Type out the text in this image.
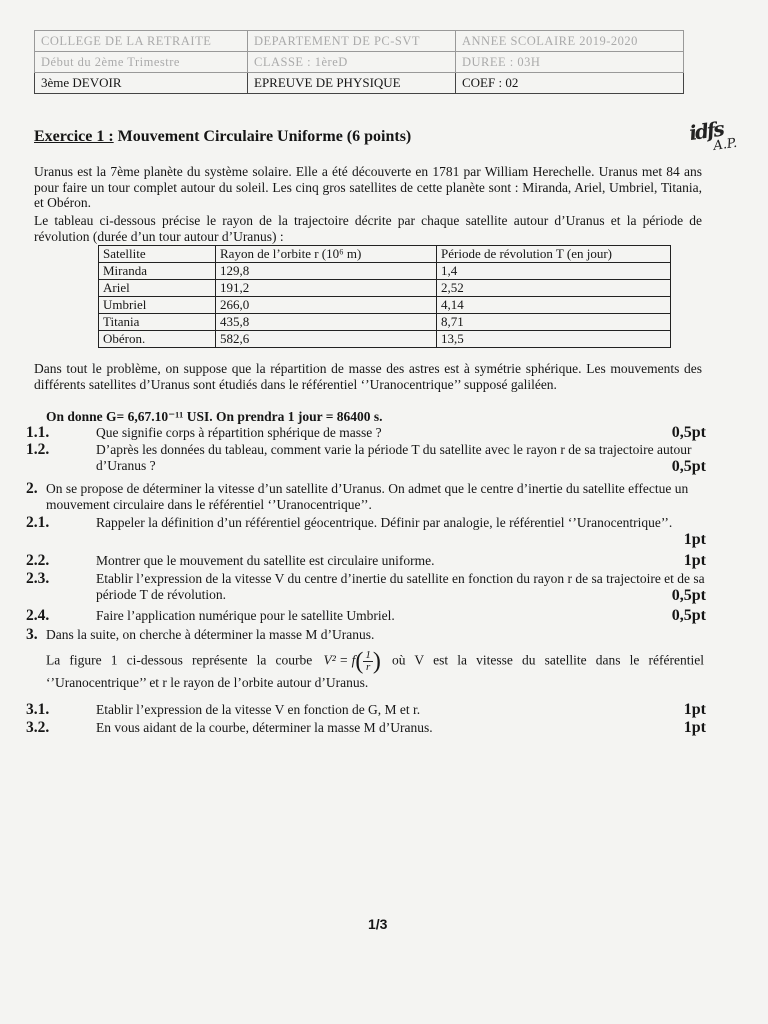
COLLEGE DE LA RETRAITE	DEPARTEMENT DE PC-SVT	ANNEE SCOLAIRE 2019-2020
Début du 2ème Trimestre	CLASSE : 1èreD	DUREE : 03H
3ème DEVOIR	EPREUVE DE PHYSIQUE	COEF : 02
idfs
A.P.
Exercice 1 : Mouvement Circulaire Uniforme (6 points)
Uranus est la 7ème planète du système solaire. Elle a été découverte en 1781 par William Herechelle. Uranus met 84 ans pour faire un tour complet autour du soleil. Les cinq gros satellites de cette planète sont : Miranda, Ariel, Umbriel, Titania, et Obéron.
Le tableau ci-dessous précise le rayon de la trajectoire décrite par chaque satellite autour d’Uranus et la période de révolution (durée d’un tour autour d’Uranus) :
Satellite	Rayon de l’orbite r (10⁶ m)	Période de révolution T (en jour)
Miranda	129,8	1,4
Ariel	191,2	2,52
Umbriel	266,0	4,14
Titania	435,8	8,71
Obéron.	582,6	13,5
Dans tout le problème, on suppose que la répartition de masse des astres est à symétrie sphérique. Les mouvements des différents satellites d’Uranus sont étudiés dans le référentiel ‘’Uranocentrique’’ supposé galiléen.
On donne G= 6,67.10⁻¹¹ USI. On prendra 1 jour = 86400 s.
1.1.	Que signifie corps à répartition sphérique de masse ?	0,5pt
1.2.	D’après les données du tableau, comment varie la période T du satellite avec le rayon r de sa trajectoire autour d’Uranus ?	0,5pt
2. On se propose de déterminer la vitesse d’un satellite d’Uranus. On admet que le centre d’inertie du satellite effectue un mouvement circulaire dans le référentiel ‘’Uranocentrique’’.
2.1.	Rappeler la définition d’un référentiel géocentrique. Définir par analogie, le référentiel ‘’Uranocentrique’’.
1pt
2.2.	Montrer que le mouvement du satellite est circulaire uniforme.	1pt
2.3.	Etablir l’expression de la vitesse V du centre d’inertie du satellite en fonction du rayon r de sa trajectoire et de sa période T de révolution.	0,5pt
2.4.	Faire l’application numérique pour le satellite Umbriel.	0,5pt
3. Dans la suite, on cherche à déterminer la masse M d’Uranus.
La figure 1 ci-dessous représente la courbe $V^2 = f( \frac{1}{r}$ ) où V est la vitesse du satellite dans le référentiel ‘’Uranocentrique’’ et r le rayon de l’orbite autour d’Uranus.
3.1.	Etablir l’expression de la vitesse V en fonction de G, M et r.	1pt
3.2.	En vous aidant de la courbe, déterminer la masse M d’Uranus.	1pt
1/3
